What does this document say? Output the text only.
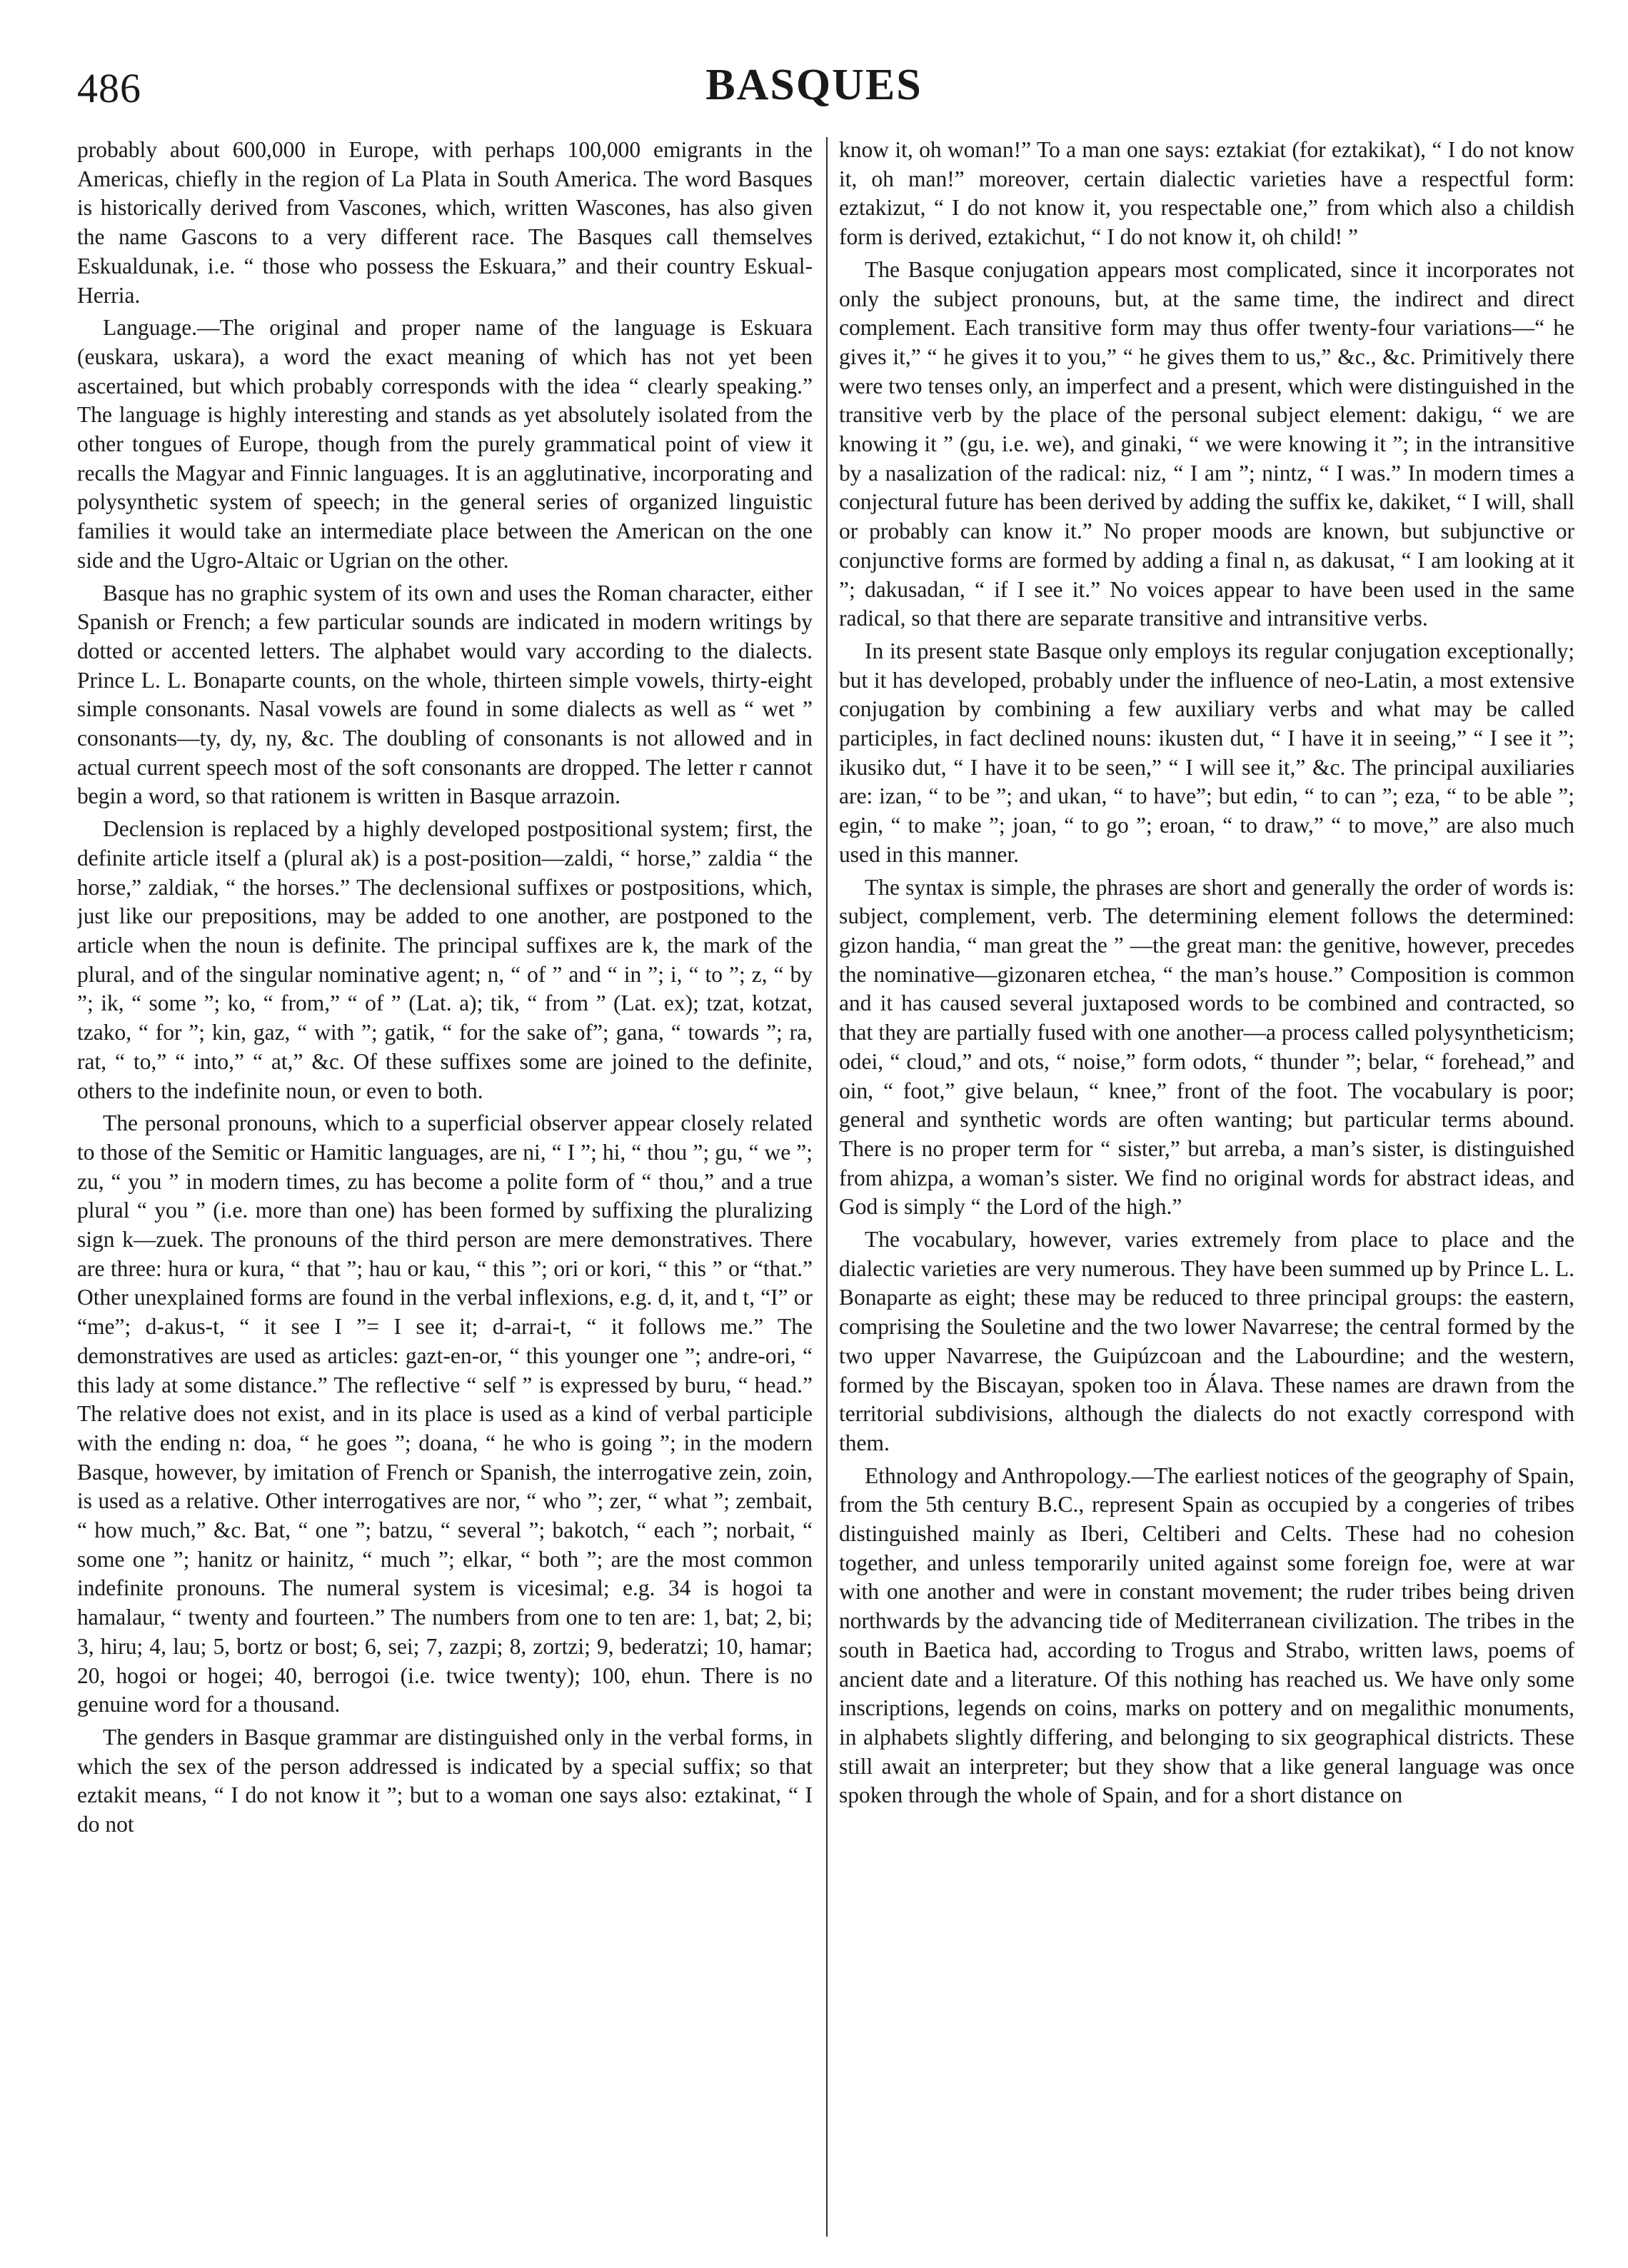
486	BASQUES

probably about 600,000 in Europe, with perhaps 100,000 emigrants in the Americas, chiefly in the region of La Plata in South America. The word Basques is historically derived from Vascones, which, written Wascones, has also given the name Gascons to a very different race. The Basques call themselves Eskualdunak, i.e. “ those who possess the Eskuara,” and their country Eskual-Herria.

Language.—The original and proper name of the language is Eskuara (euskara, uskara), a word the exact meaning of which has not yet been ascertained, but which probably corresponds with the idea “ clearly speaking.” The language is highly interesting and stands as yet absolutely isolated from the other tongues of Europe, though from the purely grammatical point of view it recalls the Magyar and Finnic languages. It is an agglutinative, incorporating and polysynthetic system of speech; in the general series of organized linguistic families it would take an intermediate place between the American on the one side and the Ugro-Altaic or Ugrian on the other.

Basque has no graphic system of its own and uses the Roman character, either Spanish or French; a few particular sounds are indicated in modern writings by dotted or accented letters. The alphabet would vary according to the dialects. Prince L. L. Bonaparte counts, on the whole, thirteen simple vowels, thirty-eight simple consonants. Nasal vowels are found in some dialects as well as “ wet ” consonants—ty, dy, ny, &c. The doubling of consonants is not allowed and in actual current speech most of the soft consonants are dropped. The letter r cannot begin a word, so that rationem is written in Basque arrazoin.

Declension is replaced by a highly developed postpositional system; first, the definite article itself a (plural ak) is a post-position—zaldi, “ horse,” zaldia “ the horse,” zaldiak, “ the horses.” The declensional suffixes or postpositions, which, just like our prepositions, may be added to one another, are postponed to the article when the noun is definite. The principal suffixes are k, the mark of the plural, and of the singular nominative agent; n, “ of ” and “ in ”; i, “ to ”; z, “ by ”; ik, “ some ”; ko, “ from,” “ of ” (Lat. a); tik, “ from ” (Lat. ex); tzat, kotzat, tzako, “ for ”; kin, gaz, “ with ”; gatik, “ for the sake of”; gana, “ towards ”; ra, rat, “ to,” “ into,” “ at,” &c. Of these suffixes some are joined to the definite, others to the indefinite noun, or even to both.

The personal pronouns, which to a superficial observer appear closely related to those of the Semitic or Hamitic languages, are ni, “ I ”; hi, “ thou ”; gu, “ we ”; zu, “ you ” in modern times, zu has become a polite form of “ thou,” and a true plural “ you ” (i.e. more than one) has been formed by suffixing the pluralizing sign k—zuek. The pronouns of the third person are mere demonstratives. There are three: hura or kura, “ that ”; hau or kau, “ this ”; ori or kori, “ this ” or “that.” Other unexplained forms are found in the verbal inflexions, e.g. d, it, and t, “I” or “me”; d-akus-t, “ it see I ”= I see it; d-arrai-t, “ it follows me.” The demonstratives are used as articles: gazt-en-or, “ this younger one ”; andre-ori, “ this lady at some distance.” The reflective “ self ” is expressed by buru, “ head.” The relative does not exist, and in its place is used as a kind of verbal participle with the ending n: doa, “ he goes ”; doana, “ he who is going ”; in the modern Basque, however, by imitation of French or Spanish, the interrogative zein, zoin, is used as a relative. Other interrogatives are nor, “ who ”; zer, “ what ”; zembait, “ how much,” &c. Bat, “ one ”; batzu, “ several ”; bakotch, “ each ”; norbait, “ some one ”; hanitz or hainitz, “ much ”; elkar, “ both ”; are the most common indefinite pronouns. The numeral system is vicesimal; e.g. 34 is hogoi ta hamalaur, “ twenty and fourteen.” The numbers from one to ten are: 1, bat; 2, bi; 3, hiru; 4, lau; 5, bortz or bost; 6, sei; 7, zazpi; 8, zortzi; 9, bederatzi; 10, hamar; 20, hogoi or hogei; 40, berrogoi (i.e. twice twenty); 100, ehun. There is no genuine word for a thousand.

The genders in Basque grammar are distinguished only in the verbal forms, in which the sex of the person addressed is indicated by a special suffix; so that eztakit means, “ I do not know it ”; but to a woman one says also: eztakinat, “ I do not

know it, oh woman!” To a man one says: eztakiat (for eztakikat), “ I do not know it, oh man!” moreover, certain dialectic varieties have a respectful form: eztakizut, “ I do not know it, you respectable one,” from which also a childish form is derived, eztakichut, “ I do not know it, oh child! ”

The Basque conjugation appears most complicated, since it incorporates not only the subject pronouns, but, at the same time, the indirect and direct complement. Each transitive form may thus offer twenty-four variations—“ he gives it,” “ he gives it to you,” “ he gives them to us,” &c., &c. Primitively there were two tenses only, an imperfect and a present, which were distinguished in the transitive verb by the place of the personal subject element: dakigu, “ we are knowing it ” (gu, i.e. we), and ginaki, “ we were knowing it ”; in the intransitive by a nasalization of the radical: niz, “ I am ”; nintz, “ I was.” In modern times a conjectural future has been derived by adding the suffix ke, dakiket, “ I will, shall or probably can know it.” No proper moods are known, but subjunctive or conjunctive forms are formed by adding a final n, as dakusat, “ I am looking at it ”; dakusadan, “ if I see it.” No voices appear to have been used in the same radical, so that there are separate transitive and intransitive verbs.

In its present state Basque only employs its regular conjugation exceptionally; but it has developed, probably under the influence of neo-Latin, a most extensive conjugation by combining a few auxiliary verbs and what may be called participles, in fact declined nouns: ikusten dut, “ I have it in seeing,” “ I see it ”; ikusiko dut, “ I have it to be seen,” “ I will see it,” &c. The principal auxiliaries are: izan, “ to be ”; and ukan, “ to have”; but edin, “ to can ”; eza, “ to be able ”; egin, “ to make ”; joan, “ to go ”; eroan, “ to draw,” “ to move,” are also much used in this manner.

The syntax is simple, the phrases are short and generally the order of words is: subject, complement, verb. The determining element follows the determined: gizon handia, “ man great the ” —the great man: the genitive, however, precedes the nominative—gizonaren etchea, “ the man’s house.” Composition is common and it has caused several juxtaposed words to be combined and contracted, so that they are partially fused with one another—a process called polysyntheticism; odei, “ cloud,” and ots, “ noise,” form odots, “ thunder ”; belar, “ forehead,” and oin, “ foot,” give belaun, “ knee,” front of the foot. The vocabulary is poor; general and synthetic words are often wanting; but particular terms abound. There is no proper term for “ sister,” but arreba, a man’s sister, is distinguished from ahizpa, a woman’s sister. We find no original words for abstract ideas, and God is simply “ the Lord of the high.”

The vocabulary, however, varies extremely from place to place and the dialectic varieties are very numerous. They have been summed up by Prince L. L. Bonaparte as eight; these may be reduced to three principal groups: the eastern, comprising the Souletine and the two lower Navarrese; the central formed by the two upper Navarrese, the Guipúzcoan and the Labourdine; and the western, formed by the Biscayan, spoken too in Álava. These names are drawn from the territorial subdivisions, although the dialects do not exactly correspond with them.

Ethnology and Anthropology.—The earliest notices of the geography of Spain, from the 5th century B.C., represent Spain as occupied by a congeries of tribes distinguished mainly as Iberi, Celtiberi and Celts. These had no cohesion together, and unless temporarily united against some foreign foe, were at war with one another and were in constant movement; the ruder tribes being driven northwards by the advancing tide of Mediterranean civilization. The tribes in the south in Baetica had, according to Trogus and Strabo, written laws, poems of ancient date and a literature. Of this nothing has reached us. We have only some inscriptions, legends on coins, marks on pottery and on megalithic monuments, in alphabets slightly differing, and belonging to six geographical districts. These still await an interpreter; but they show that a like general language was once spoken through the whole of Spain, and for a short distance on
